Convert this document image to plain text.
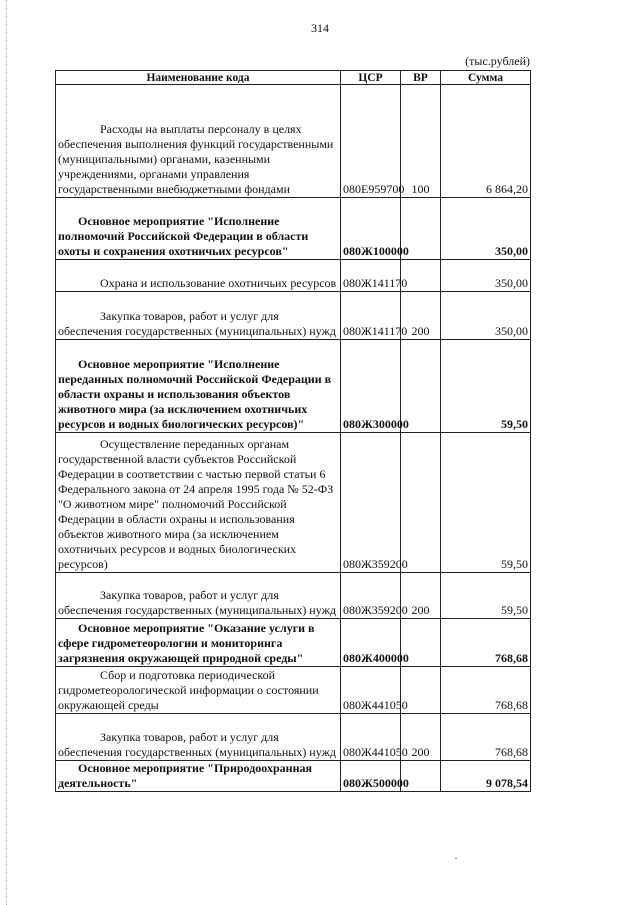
314
(тыс.рублей)
Наименование кода	ЦСР	ВР	Сумма
Расходы на выплаты персоналу в целях обеспечения выполнения функций государственными (муниципальными) органами, казенными учреждениями, органами управления государственными внебюджетными фондами	080E959700	100	6 864,20
Основное мероприятие "Исполнение полномочий Российской Федерации в области охоты и сохранения охотничьих ресурсов"	080Ж100000		350,00
Охрана и использование охотничьих ресурсов	080Ж141170		350,00
Закупка товаров, работ и услуг для обеспечения государственных (муниципальных) нужд	080Ж141170	200	350,00
Основное мероприятие "Исполнение переданных полномочий Российской Федерации в области охраны и использования объектов животного мира (за исключением охотничьих ресурсов и водных биологических ресурсов)"	080Ж300000		59,50
Осуществление переданных органам государственной власти субъектов Российской Федерации в соответствии с частью первой статьи 6 Федерального закона от 24 апреля 1995 года № 52-ФЗ "О животном мире" полномочий Российской Федерации в области охраны и использования объектов животного мира (за исключением охотничьих ресурсов и водных биологических ресурсов)	080Ж359200		59,50
Закупка товаров, работ и услуг для обеспечения государственных (муниципальных) нужд	080Ж359200	200	59,50
Основное мероприятие "Оказание услуги в сфере гидрометеорологии и мониторинга загрязнения окружающей природной среды"	080Ж400000		768,68
Сбор и подготовка периодической гидрометеорологической информации о состоянии окружающей среды	080Ж441050		768,68
Закупка товаров, работ и услуг для обеспечения государственных (муниципальных) нужд	080Ж441050	200	768,68
Основное мероприятие "Природоохранная деятельность"	080Ж500000		9 078,54
